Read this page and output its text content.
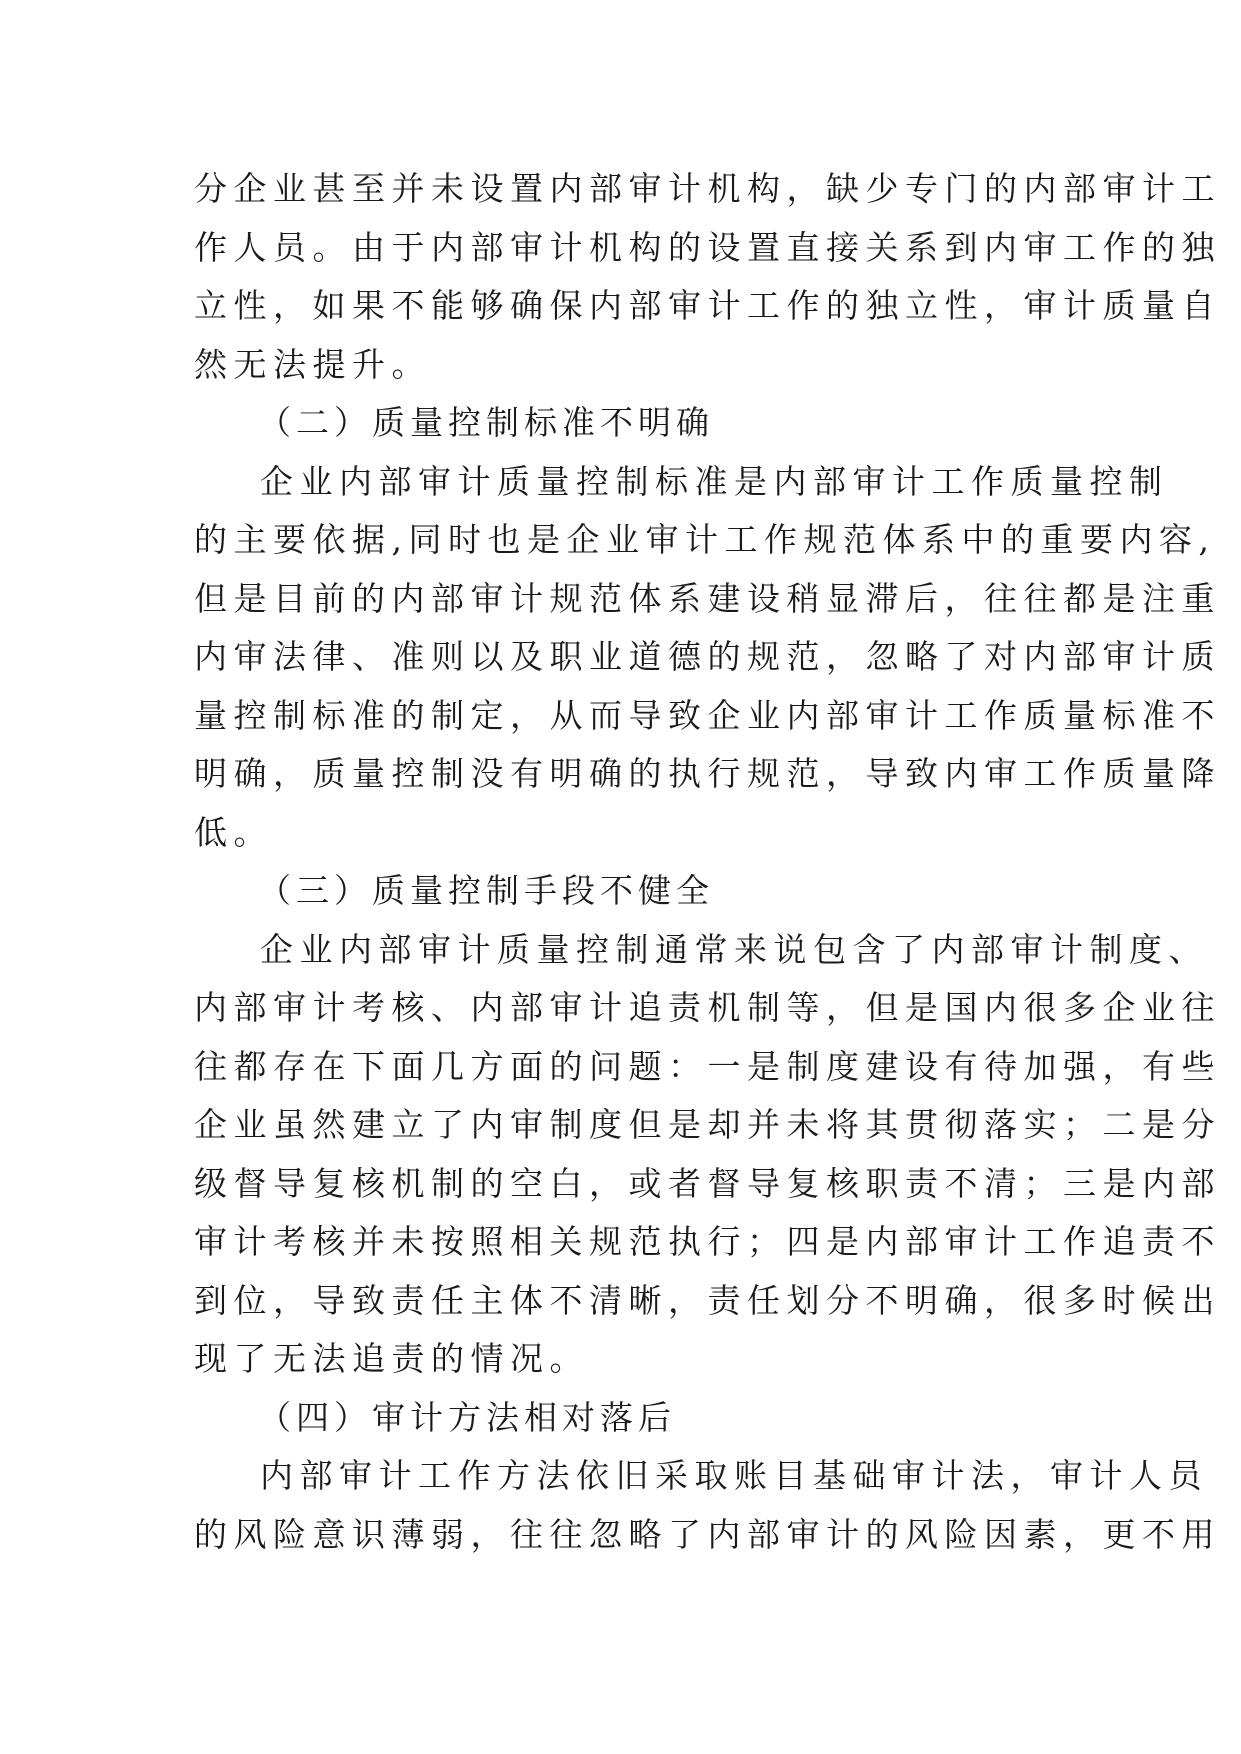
分企业甚至并未设置内部审计机构，缺少专门的内部审计工
作人员。由于内部审计机构的设置直接关系到内审工作的独
立性，如果不能够确保内部审计工作的独立性，审计质量自
然无法提升。
（二）质量控制标准不明确
企业内部审计质量控制标准是内部审计工作质量控制
的主要依据,同时也是企业审计工作规范体系中的重要内容,
但是目前的内部审计规范体系建设稍显滞后，往往都是注重
内审法律、准则以及职业道德的规范，忽略了对内部审计质
量控制标准的制定，从而导致企业内部审计工作质量标准不
明确，质量控制没有明确的执行规范，导致内审工作质量降
低。
（三）质量控制手段不健全
企业内部审计质量控制通常来说包含了内部审计制度、
内部审计考核、内部审计追责机制等，但是国内很多企业往
往都存在下面几方面的问题：一是制度建设有待加强，有些
企业虽然建立了内审制度但是却并未将其贯彻落实；二是分
级督导复核机制的空白，或者督导复核职责不清；三是内部
审计考核并未按照相关规范执行；四是内部审计工作追责不
到位，导致责任主体不清晰，责任划分不明确，很多时候出
现了无法追责的情况。
（四）审计方法相对落后
内部审计工作方法依旧采取账目基础审计法，审计人员
的风险意识薄弱，往往忽略了内部审计的风险因素，更不用
